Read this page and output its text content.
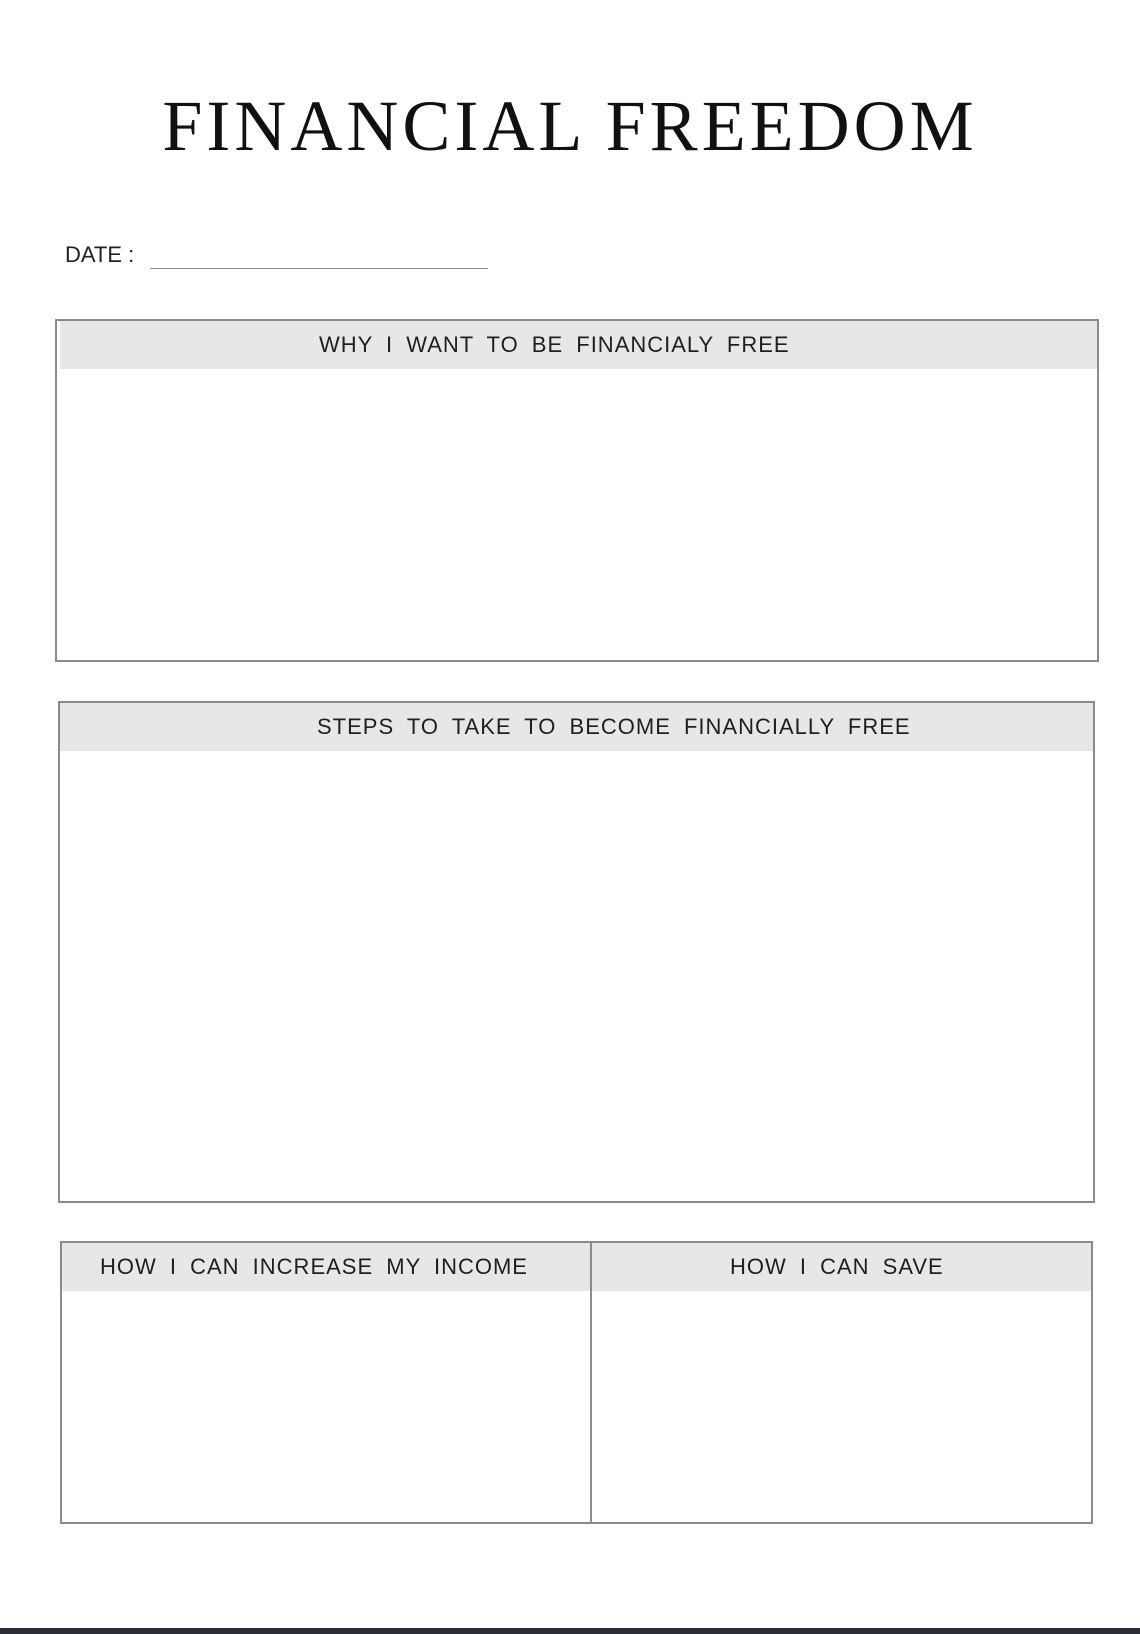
FINANCIAL FREEDOM
DATE :
WHY I WANT TO BE FINANCIALY FREE
STEPS TO TAKE TO BECOME FINANCIALLY FREE
HOW I CAN INCREASE MY INCOME	HOW I CAN SAVE
